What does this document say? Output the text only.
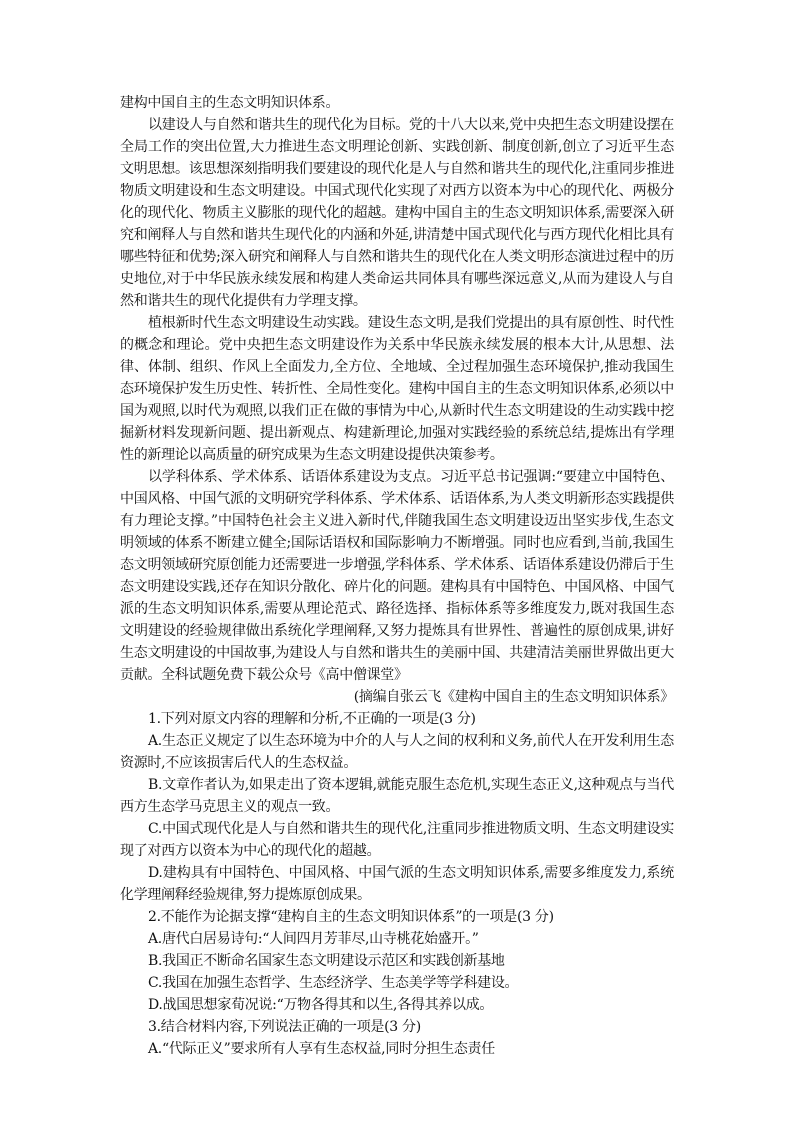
建构中国自主的生态文明知识体系。

以建设人与自然和谐共生的现代化为目标。党的十八大以来,党中央把生态文明建设摆在全局工作的突出位置,大力推进生态文明理论创新、实践创新、制度创新,创立了习近平生态文明思想。该思想深刻指明我们要建设的现代化是人与自然和谐共生的现代化,注重同步推进物质文明建设和生态文明建设。中国式现代化实现了对西方以资本为中心的现代化、两极分化的现代化、物质主义膨胀的现代化的超越。建构中国自主的生态文明知识体系,需要深入研究和阐释人与自然和谐共生现代化的内涵和外延,讲清楚中国式现代化与西方现代化相比具有哪些特征和优势;深入研究和阐释人与自然和谐共生的现代化在人类文明形态演进过程中的历史地位,对于中华民族永续发展和构建人类命运共同体具有哪些深远意义,从而为建设人与自然和谐共生的现代化提供有力学理支撑。

植根新时代生态文明建设生动实践。建设生态文明,是我们党提出的具有原创性、时代性的概念和理论。党中央把生态文明建设作为关系中华民族永续发展的根本大计,从思想、法律、体制、组织、作风上全面发力,全方位、全地域、全过程加强生态环境保护,推动我国生态环境保护发生历史性、转折性、全局性变化。建构中国自主的生态文明知识体系,必须以中国为观照,以时代为观照,以我们正在做的事情为中心,从新时代生态文明建设的生动实践中挖掘新材料发现新问题、提出新观点、构建新理论,加强对实践经验的系统总结,提炼出有学理性的新理论以高质量的研究成果为生态文明建设提供决策参考。

以学科体系、学术体系、话语体系建设为支点。习近平总书记强调:“要建立中国特色、中国风格、中国气派的文明研究学科体系、学术体系、话语体系,为人类文明新形态实践提供有力理论支撑。”中国特色社会主义进入新时代,伴随我国生态文明建设迈出坚实步伐,生态文明领域的体系不断建立健全;国际话语权和国际影响力不断增强。同时也应看到,当前,我国生态文明领域研究原创能力还需要进一步增强,学科体系、学术体系、话语体系建设仍滞后于生态文明建设实践,还存在知识分散化、碎片化的问题。建构具有中国特色、中国风格、中国气派的生态文明知识体系,需要从理论范式、路径选择、指标体系等多维度发力,既对我国生态文明建设的经验规律做出系统化学理阐释,又努力提炼具有世界性、普遍性的原创成果,讲好生态文明建设的中国故事,为建设人与自然和谐共生的美丽中国、共建清洁美丽世界做出更大贡献。全科试题免费下载公众号《高中僧课堂》

(摘编自张云飞《建构中国自主的生态文明知识体系》

1.下列对原文内容的理解和分析,不正确的一项是(3 分)

A.生态正义规定了以生态环境为中介的人与人之间的权利和义务,前代人在开发利用生态资源时,不应该损害后代人的生态权益。

B.文章作者认为,如果走出了资本逻辑,就能克服生态危机,实现生态正义,这种观点与当代西方生态学马克思主义的观点一致。

C.中国式现代化是人与自然和谐共生的现代化,注重同步推进物质文明、生态文明建设实现了对西方以资本为中心的现代化的超越。

D.建构具有中国特色、中国风格、中国气派的生态文明知识体系,需要多维度发力,系统化学理阐释经验规律,努力提炼原创成果。

2.不能作为论据支撑“建构自主的生态文明知识体系”的一项是(3 分)

A.唐代白居易诗句:“人间四月芳菲尽,山寺桃花始盛开。”

B.我国正不断命名国家生态文明建设示范区和实践创新基地

C.我国在加强生态哲学、生态经济学、生态美学等学科建设。

D.战国思想家荀况说:“万物各得其和以生,各得其养以成。

3.结合材料内容,下列说法正确的一项是(3 分)

A.“代际正义”要求所有人享有生态权益,同时分担生态责任
